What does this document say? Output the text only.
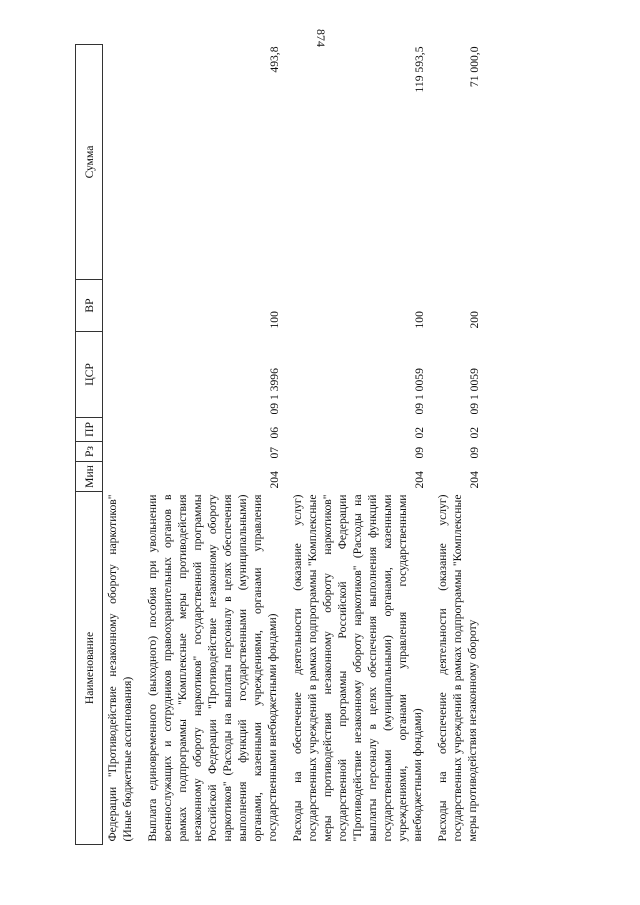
874
Наименование	Мин	Рз	ПР	ЦСР	ВР	Сумма
Федерации "Противодействие незаконному обороту наркотиков" (Иные бюджетные ассигнования)						
Выплата единовременного (выходного) пособия при увольнении военнослужащих и сотрудников правоохранительных органов в рамках подпрограммы "Комплексные меры противодействия незаконному обороту наркотиков" государственной программы Российской Федерации "Противодействие незаконному обороту наркотиков" (Расходы на выплаты персоналу в целях обеспечения выполнения функций государственными (муниципальными) органами, казенными учреждениями, органами управления государственными внебюджетными фондами)	204	07	06	09 1 3996	100	493,8
Расходы на обеспечение деятельности (оказание услуг) государственных учреждений в рамках подпрограммы "Комплексные меры противодействия незаконному обороту наркотиков" государственной программы Российской Федерации "Противодействие незаконному обороту наркотиков" (Расходы на выплаты персоналу в целях обеспечения выполнения функций государственными (муниципальными) органами, казенными учреждениями, органами управления государственными внебюджетными фондами)	204	09	02	09 1 0059	100	119 593,5
Расходы на обеспечение деятельности (оказание услуг) государственных учреждений в рамках подпрограммы "Комплексные меры противодействия незаконному обороту	204	09	02	09 1 0059	200	71 000,0
